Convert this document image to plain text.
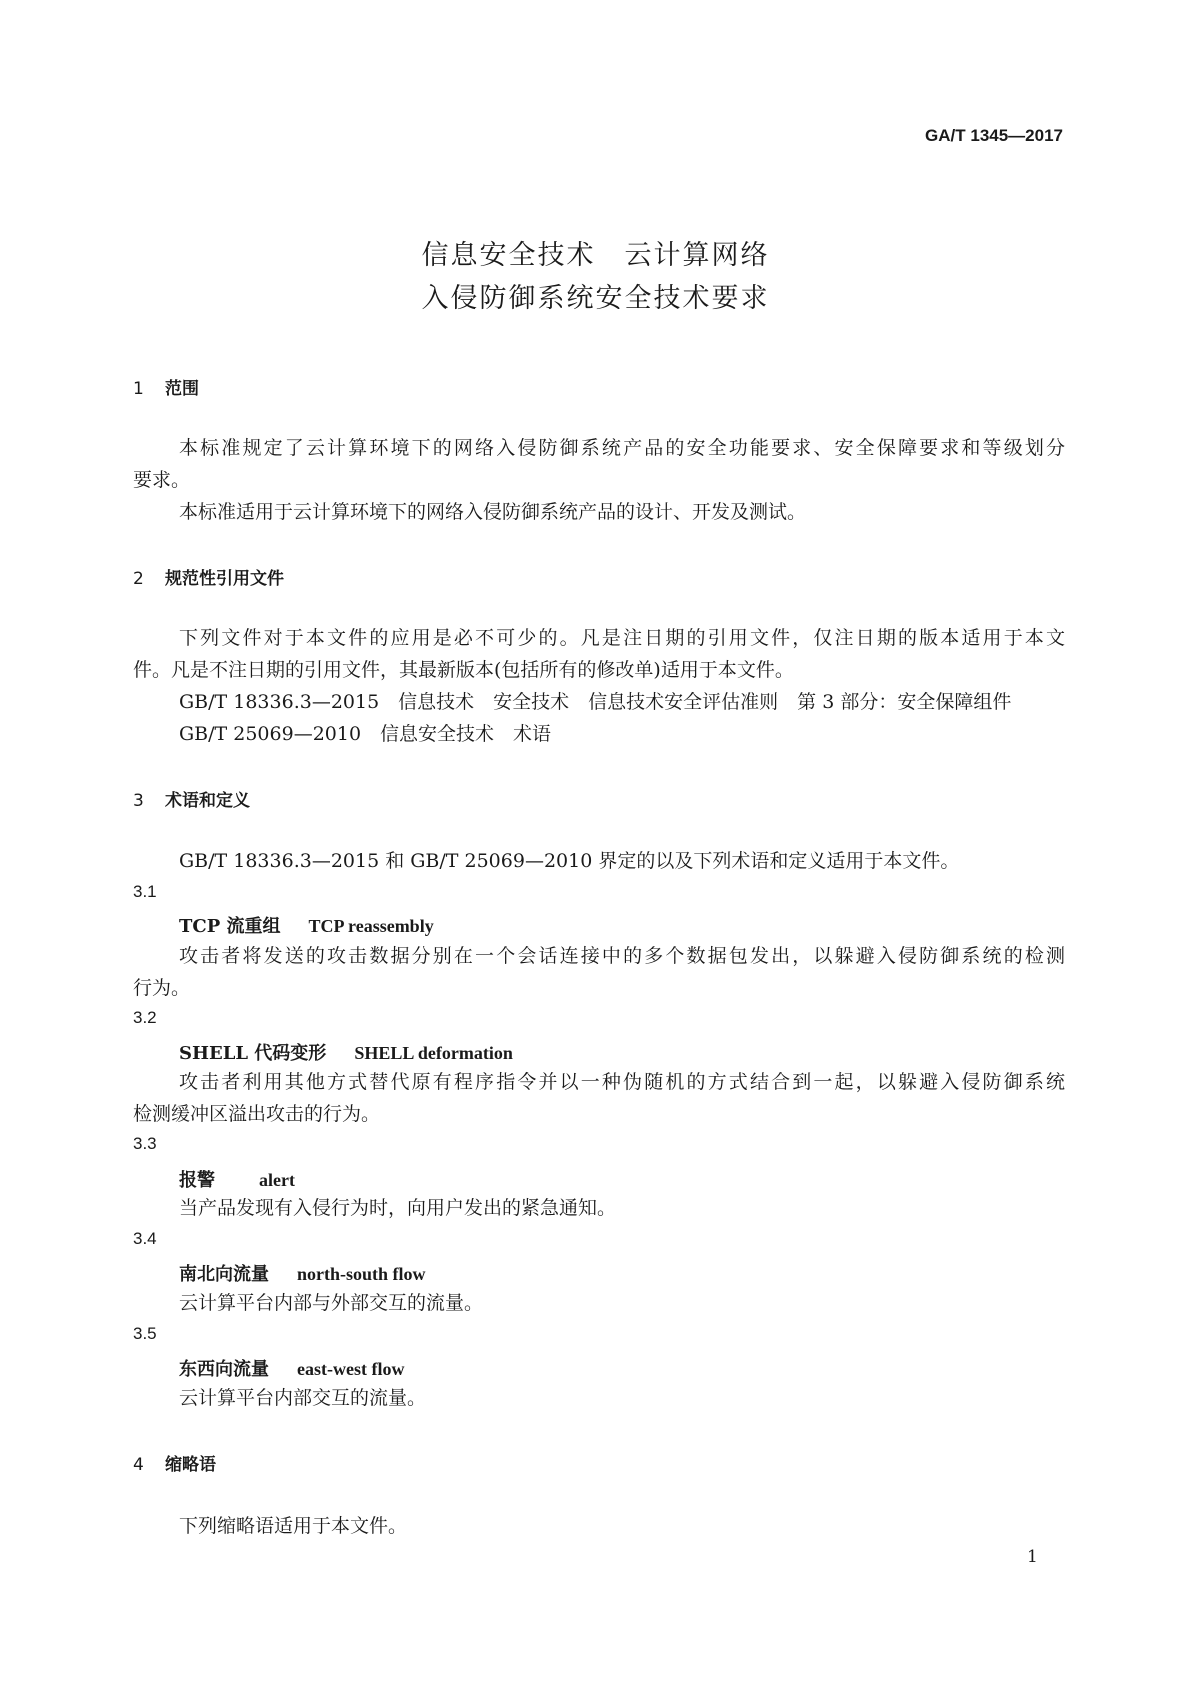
GA/T 1345—2017
信息安全技术　云计算网络
入侵防御系统安全技术要求
1 范围
本标准规定了云计算环境下的网络入侵防御系统产品的安全功能要求、安全保障要求和等级划分
要求。
本标准适用于云计算环境下的网络入侵防御系统产品的设计、开发及测试。
2 规范性引用文件
下列文件对于本文件的应用是必不可少的。凡是注日期的引用文件，仅注日期的版本适用于本文
件。凡是不注日期的引用文件，其最新版本(包括所有的修改单)适用于本文件。
GB/T 18336.3—2015　信息技术　安全技术　信息技术安全评估准则　第 3 部分：安全保障组件
GB/T 25069—2010　信息安全技术　术语
3 术语和定义
GB/T 18336.3—2015 和 GB/T 25069—2010 界定的以及下列术语和定义适用于本文件。
3.1
TCP 流重组 TCP reassembly
攻击者将发送的攻击数据分别在一个会话连接中的多个数据包发出，以躲避入侵防御系统的检测
行为。
3.2
SHELL 代码变形 SHELL deformation
攻击者利用其他方式替代原有程序指令并以一种伪随机的方式结合到一起，以躲避入侵防御系统
检测缓冲区溢出攻击的行为。
3.3
报警 alert
当产品发现有入侵行为时，向用户发出的紧急通知。
3.4
南北向流量 north-south flow
云计算平台内部与外部交互的流量。
3.5
东西向流量 east-west flow
云计算平台内部交互的流量。
4 缩略语
下列缩略语适用于本文件。
1
